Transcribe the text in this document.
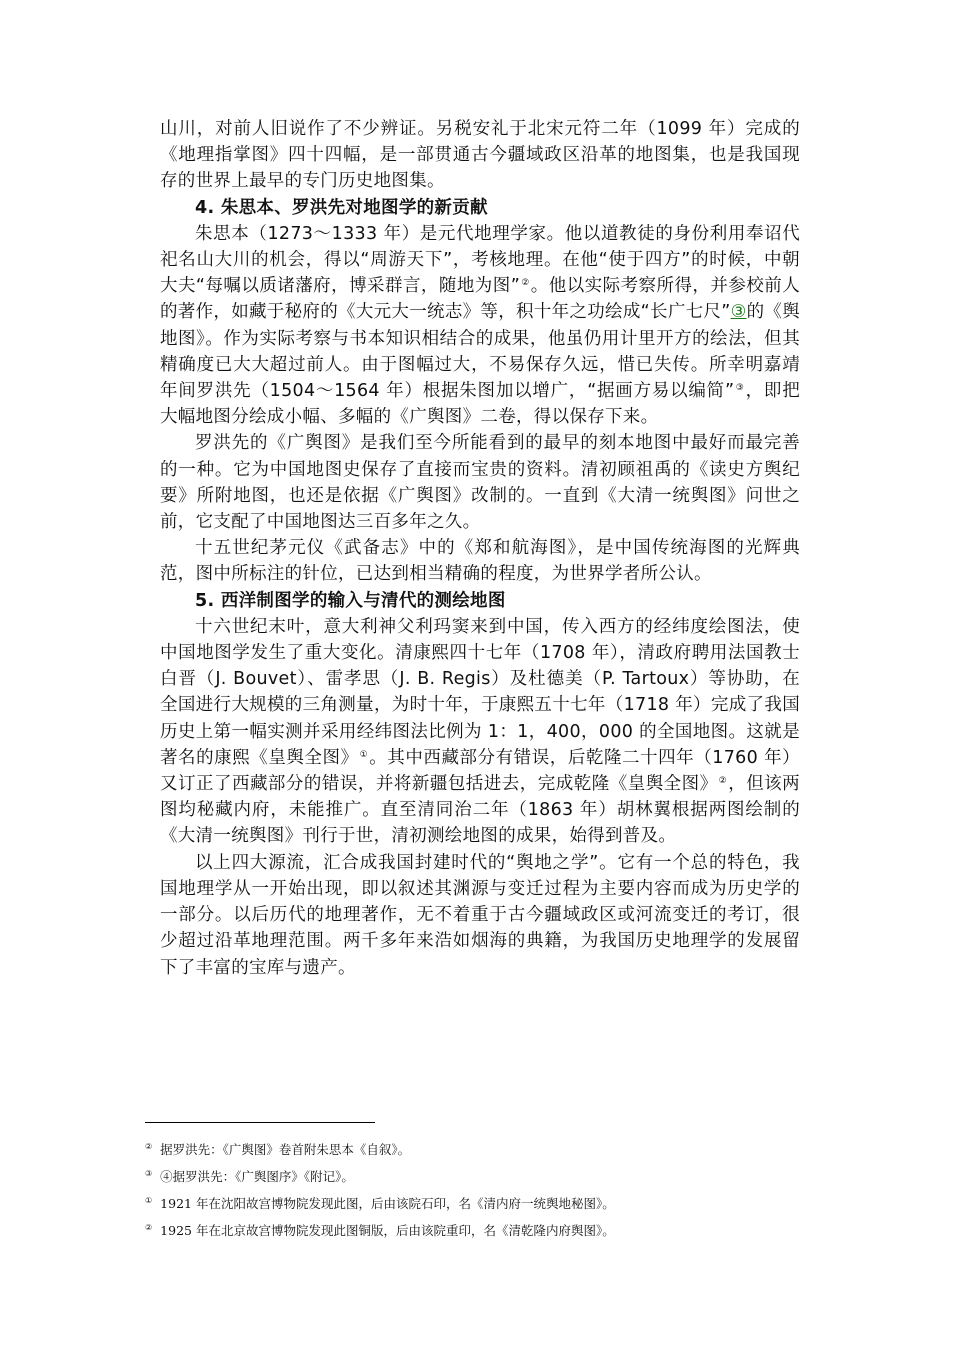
山川，对前人旧说作了不少辨证。另税安礼于北宋元符二年（1099 年）完成的《地理指掌图》四十四幅，是一部贯通古今疆域政区沿革的地图集，也是我国现存的世界上最早的专门历史地图集。

4. 朱思本、罗洪先对地图学的新贡献

朱思本（1273～1333 年）是元代地理学家。他以道教徒的身份利用奉诏代祀名山大川的机会，得以“周游天下”，考核地理。在他“使于四方”的时候，中朝大夫“每嘱以质诸藩府，博采群言，随地为图”②。他以实际考察所得，并参校前人的著作，如藏于秘府的《大元大一统志》等，积十年之功绘成“长广七尺”③的《舆地图》。作为实际考察与书本知识相结合的成果，他虽仍用计里开方的绘法，但其精确度已大大超过前人。由于图幅过大，不易保存久远，惜已失传。所幸明嘉靖年间罗洪先（1504～1564 年）根据朱图加以增广，“据画方易以编简”③，即把大幅地图分绘成小幅、多幅的《广舆图》二卷，得以保存下来。

罗洪先的《广舆图》是我们至今所能看到的最早的刻本地图中最好而最完善的一种。它为中国地图史保存了直接而宝贵的资料。清初顾祖禹的《读史方舆纪要》所附地图，也还是依据《广舆图》改制的。一直到《大清一统舆图》问世之前，它支配了中国地图达三百多年之久。

十五世纪茅元仪《武备志》中的《郑和航海图》，是中国传统海图的光辉典范，图中所标注的针位，已达到相当精确的程度，为世界学者所公认。

5. 西洋制图学的输入与清代的测绘地图

十六世纪末叶，意大利神父利玛窦来到中国，传入西方的经纬度绘图法，使中国地图学发生了重大变化。清康熙四十七年（1708 年），清政府聘用法国教士白晋（J. Bouvet）、雷孝思（J. B. Regis）及杜德美（P. Tartoux）等协助，在全国进行大规模的三角测量，为时十年，于康熙五十七年（1718 年）完成了我国历史上第一幅实测并采用经纬图法比例为 1：1，400，000 的全国地图。这就是著名的康熙《皇舆全图》①。其中西藏部分有错误，后乾隆二十四年（1760 年）又订正了西藏部分的错误，并将新疆包括进去，完成乾隆《皇舆全图》②，但该两图均秘藏内府，未能推广。直至清同治二年（1863 年）胡林翼根据两图绘制的《大清一统舆图》刊行于世，清初测绘地图的成果，始得到普及。

以上四大源流，汇合成我国封建时代的“舆地之学”。它有一个总的特色，我国地理学从一开始出现，即以叙述其渊源与变迁过程为主要内容而成为历史学的一部分。以后历代的地理著作，无不着重于古今疆域政区或河流变迁的考订，很少超过沿革地理范围。两千多年来浩如烟海的典籍，为我国历史地理学的发展留下了丰富的宝库与遗产。

② 据罗洪先：《广舆图》卷首附朱思本《自叙》。
③ ④据罗洪先：《广舆图序》《附记》。
① 1921 年在沈阳故宫博物院发现此图，后由该院石印，名《清内府一统舆地秘图》。
② 1925 年在北京故宫博物院发现此图铜版，后由该院重印，名《清乾隆内府舆图》。
